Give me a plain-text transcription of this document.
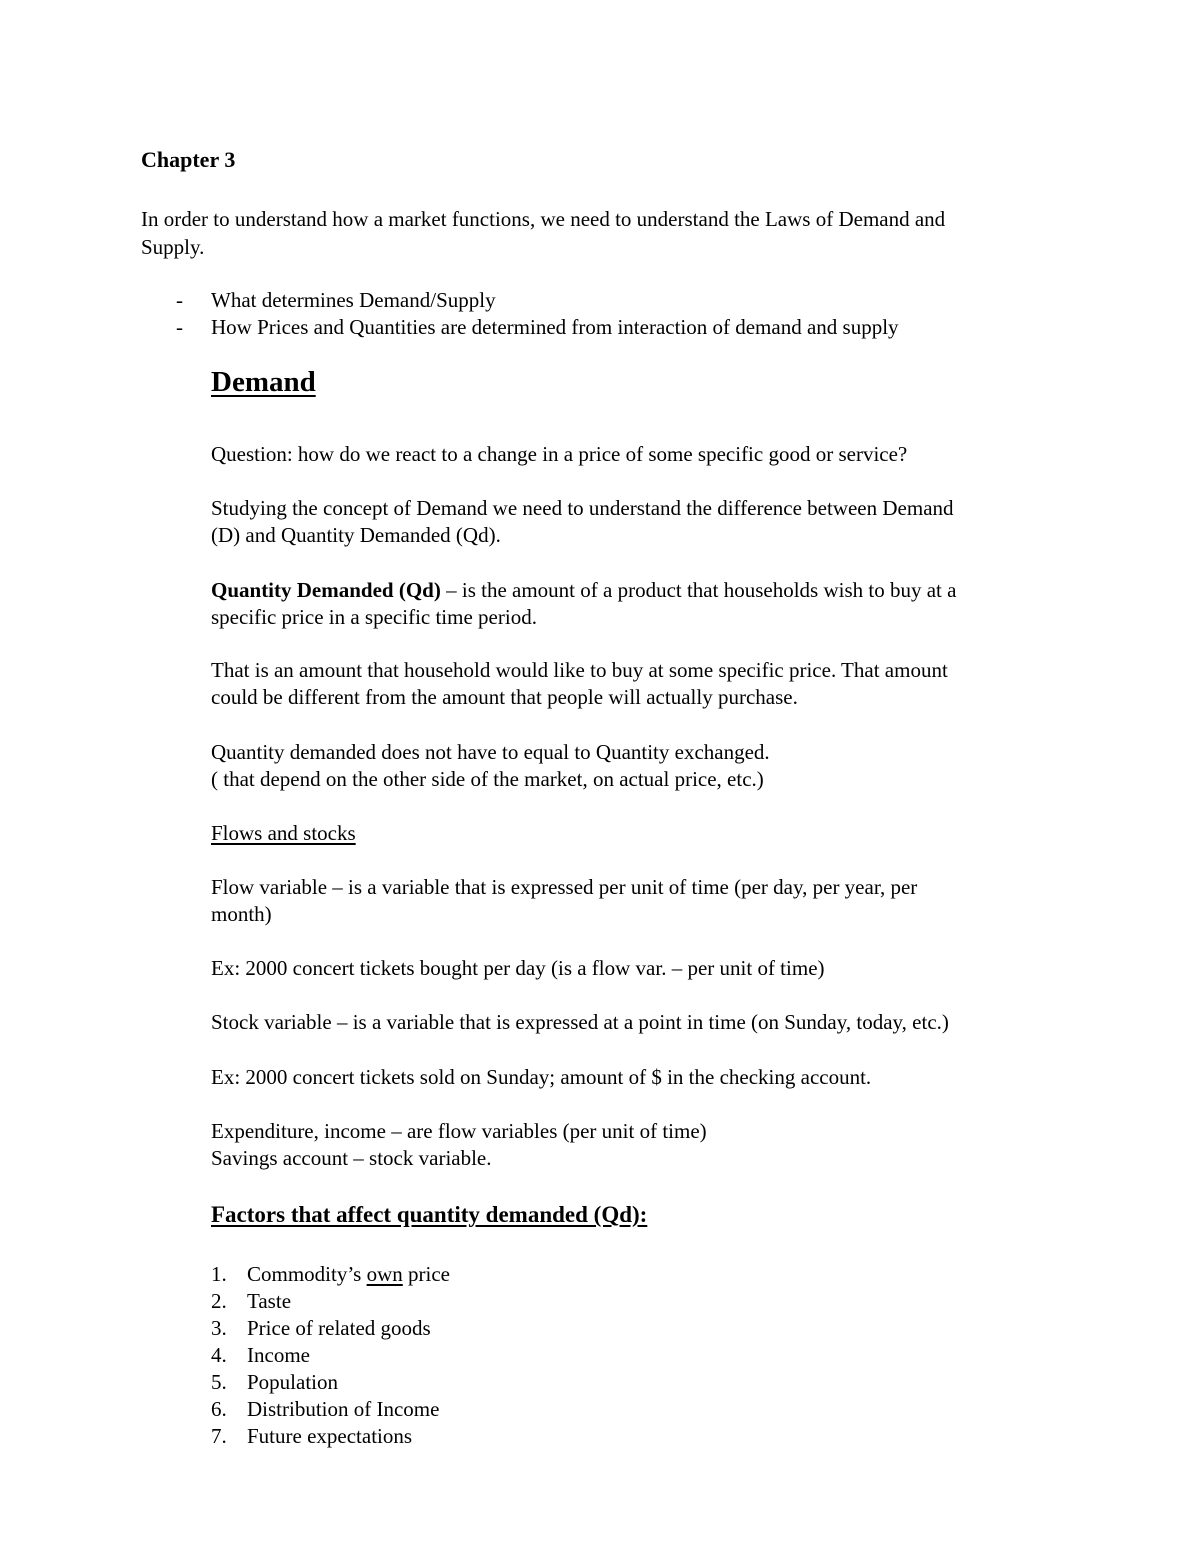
Chapter 3
In order to understand how a market functions, we need to understand the Laws of Demand and
Supply.
- What determines Demand/Supply
- How Prices and Quantities are determined from interaction of demand and supply
Demand
Question: how do we react to a change in a price of some specific good or service?
Studying the concept of Demand we need to understand the difference between Demand
(D) and Quantity Demanded (Qd).
Quantity Demanded (Qd) – is the amount of a product that households wish to buy at a
specific price in a specific time period.
That is an amount that household would like to buy at some specific price. That amount
could be different from the amount that people will actually purchase.
Quantity demanded does not have to equal to Quantity exchanged.
( that depend on the other side of the market, on actual price, etc.)
Flows and stocks
Flow variable – is a variable that is expressed per unit of time (per day, per year, per
month)
Ex: 2000 concert tickets bought per day (is a flow var. – per unit of time)
Stock variable – is a variable that is expressed at a point in time (on Sunday, today, etc.)
Ex: 2000 concert tickets sold on Sunday; amount of $ in the checking account.
Expenditure, income – are flow variables (per unit of time)
Savings account – stock variable.
Factors that affect quantity demanded (Qd):
1. Commodity’s own price
2. Taste
3. Price of related goods
4. Income
5. Population
6. Distribution of Income
7. Future expectations
